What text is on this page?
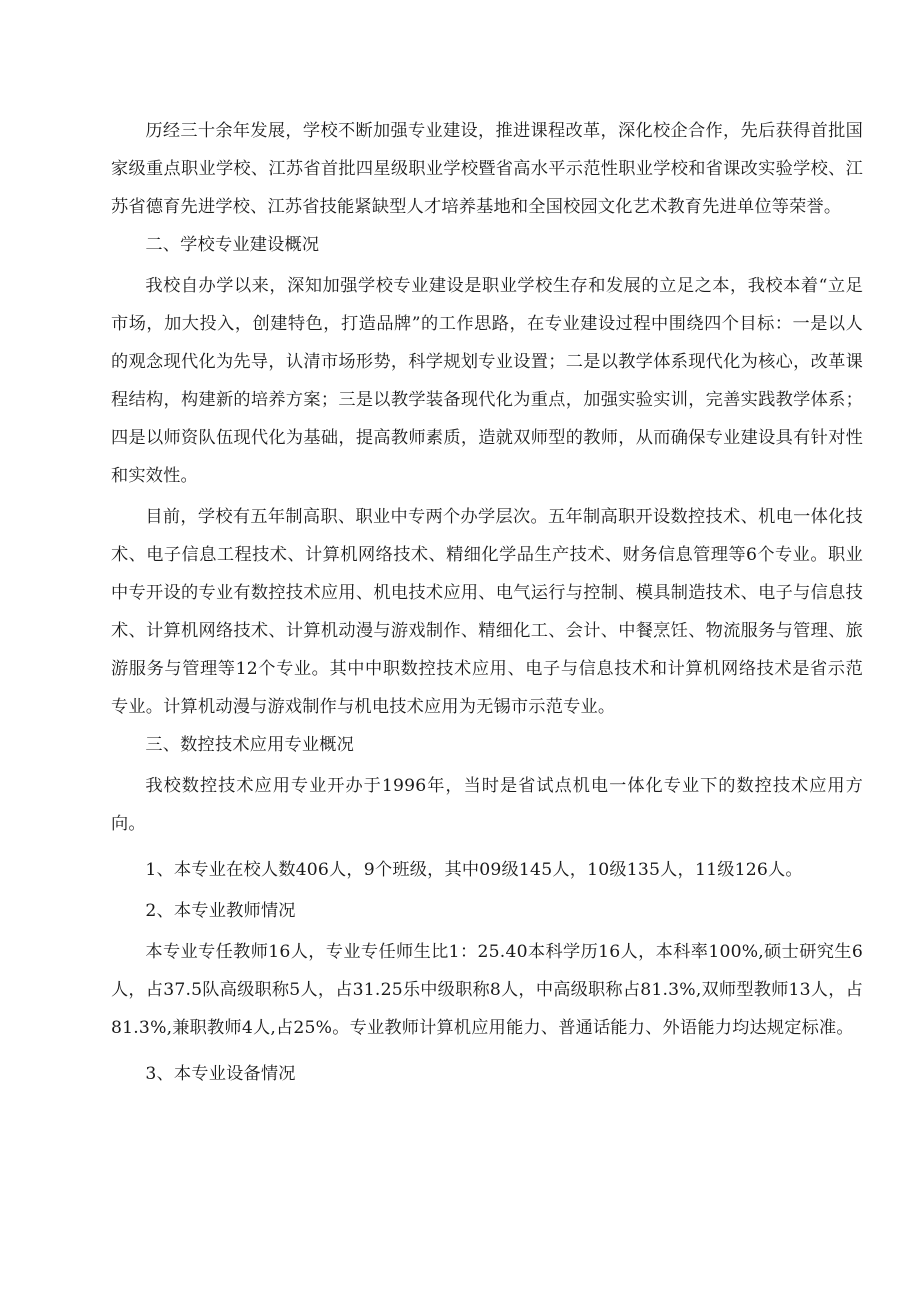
历经三十余年发展，学校不断加强专业建设，推进课程改革，深化校企合作，先后获得首批国家级重点职业学校、江苏省首批四星级职业学校暨省高水平示范性职业学校和省课改实验学校、江苏省德育先进学校、江苏省技能紧缺型人才培养基地和全国校园文化艺术教育先进单位等荣誉。

二、学校专业建设概况

我校自办学以来，深知加强学校专业建设是职业学校生存和发展的立足之本，我校本着“立足市场，加大投入，创建特色，打造品牌”的工作思路，在专业建设过程中围绕四个目标：一是以人的观念现代化为先导，认清市场形势，科学规划专业设置；二是以教学体系现代化为核心，改革课程结构，构建新的培养方案；三是以教学装备现代化为重点，加强实验实训，完善实践教学体系；四是以师资队伍现代化为基础，提高教师素质，造就双师型的教师，从而确保专业建设具有针对性和实效性。

目前，学校有五年制高职、职业中专两个办学层次。五年制高职开设数控技术、机电一体化技术、电子信息工程技术、计算机网络技术、精细化学品生产技术、财务信息管理等6个专业。职业中专开设的专业有数控技术应用、机电技术应用、电气运行与控制、模具制造技术、电子与信息技术、计算机网络技术、计算机动漫与游戏制作、精细化工、会计、中餐烹饪、物流服务与管理、旅游服务与管理等12个专业。其中中职数控技术应用、电子与信息技术和计算机网络技术是省示范专业。计算机动漫与游戏制作与机电技术应用为无锡市示范专业。

三、数控技术应用专业概况

我校数控技术应用专业开办于1996年，当时是省试点机电一体化专业下的数控技术应用方向。

1、本专业在校人数406人，9个班级，其中09级145人，10级135人，11级126人。

2、本专业教师情况

本专业专任教师16人，专业专任师生比1：25.40本科学历16人，本科率100%,硕士研究生6人，占37.5队高级职称5人，占31.25乐中级职称8人，中高级职称占81.3%,双师型教师13人，占81.3%,兼职教师4人,占25%。专业教师计算机应用能力、普通话能力、外语能力均达规定标准。

3、本专业设备情况
